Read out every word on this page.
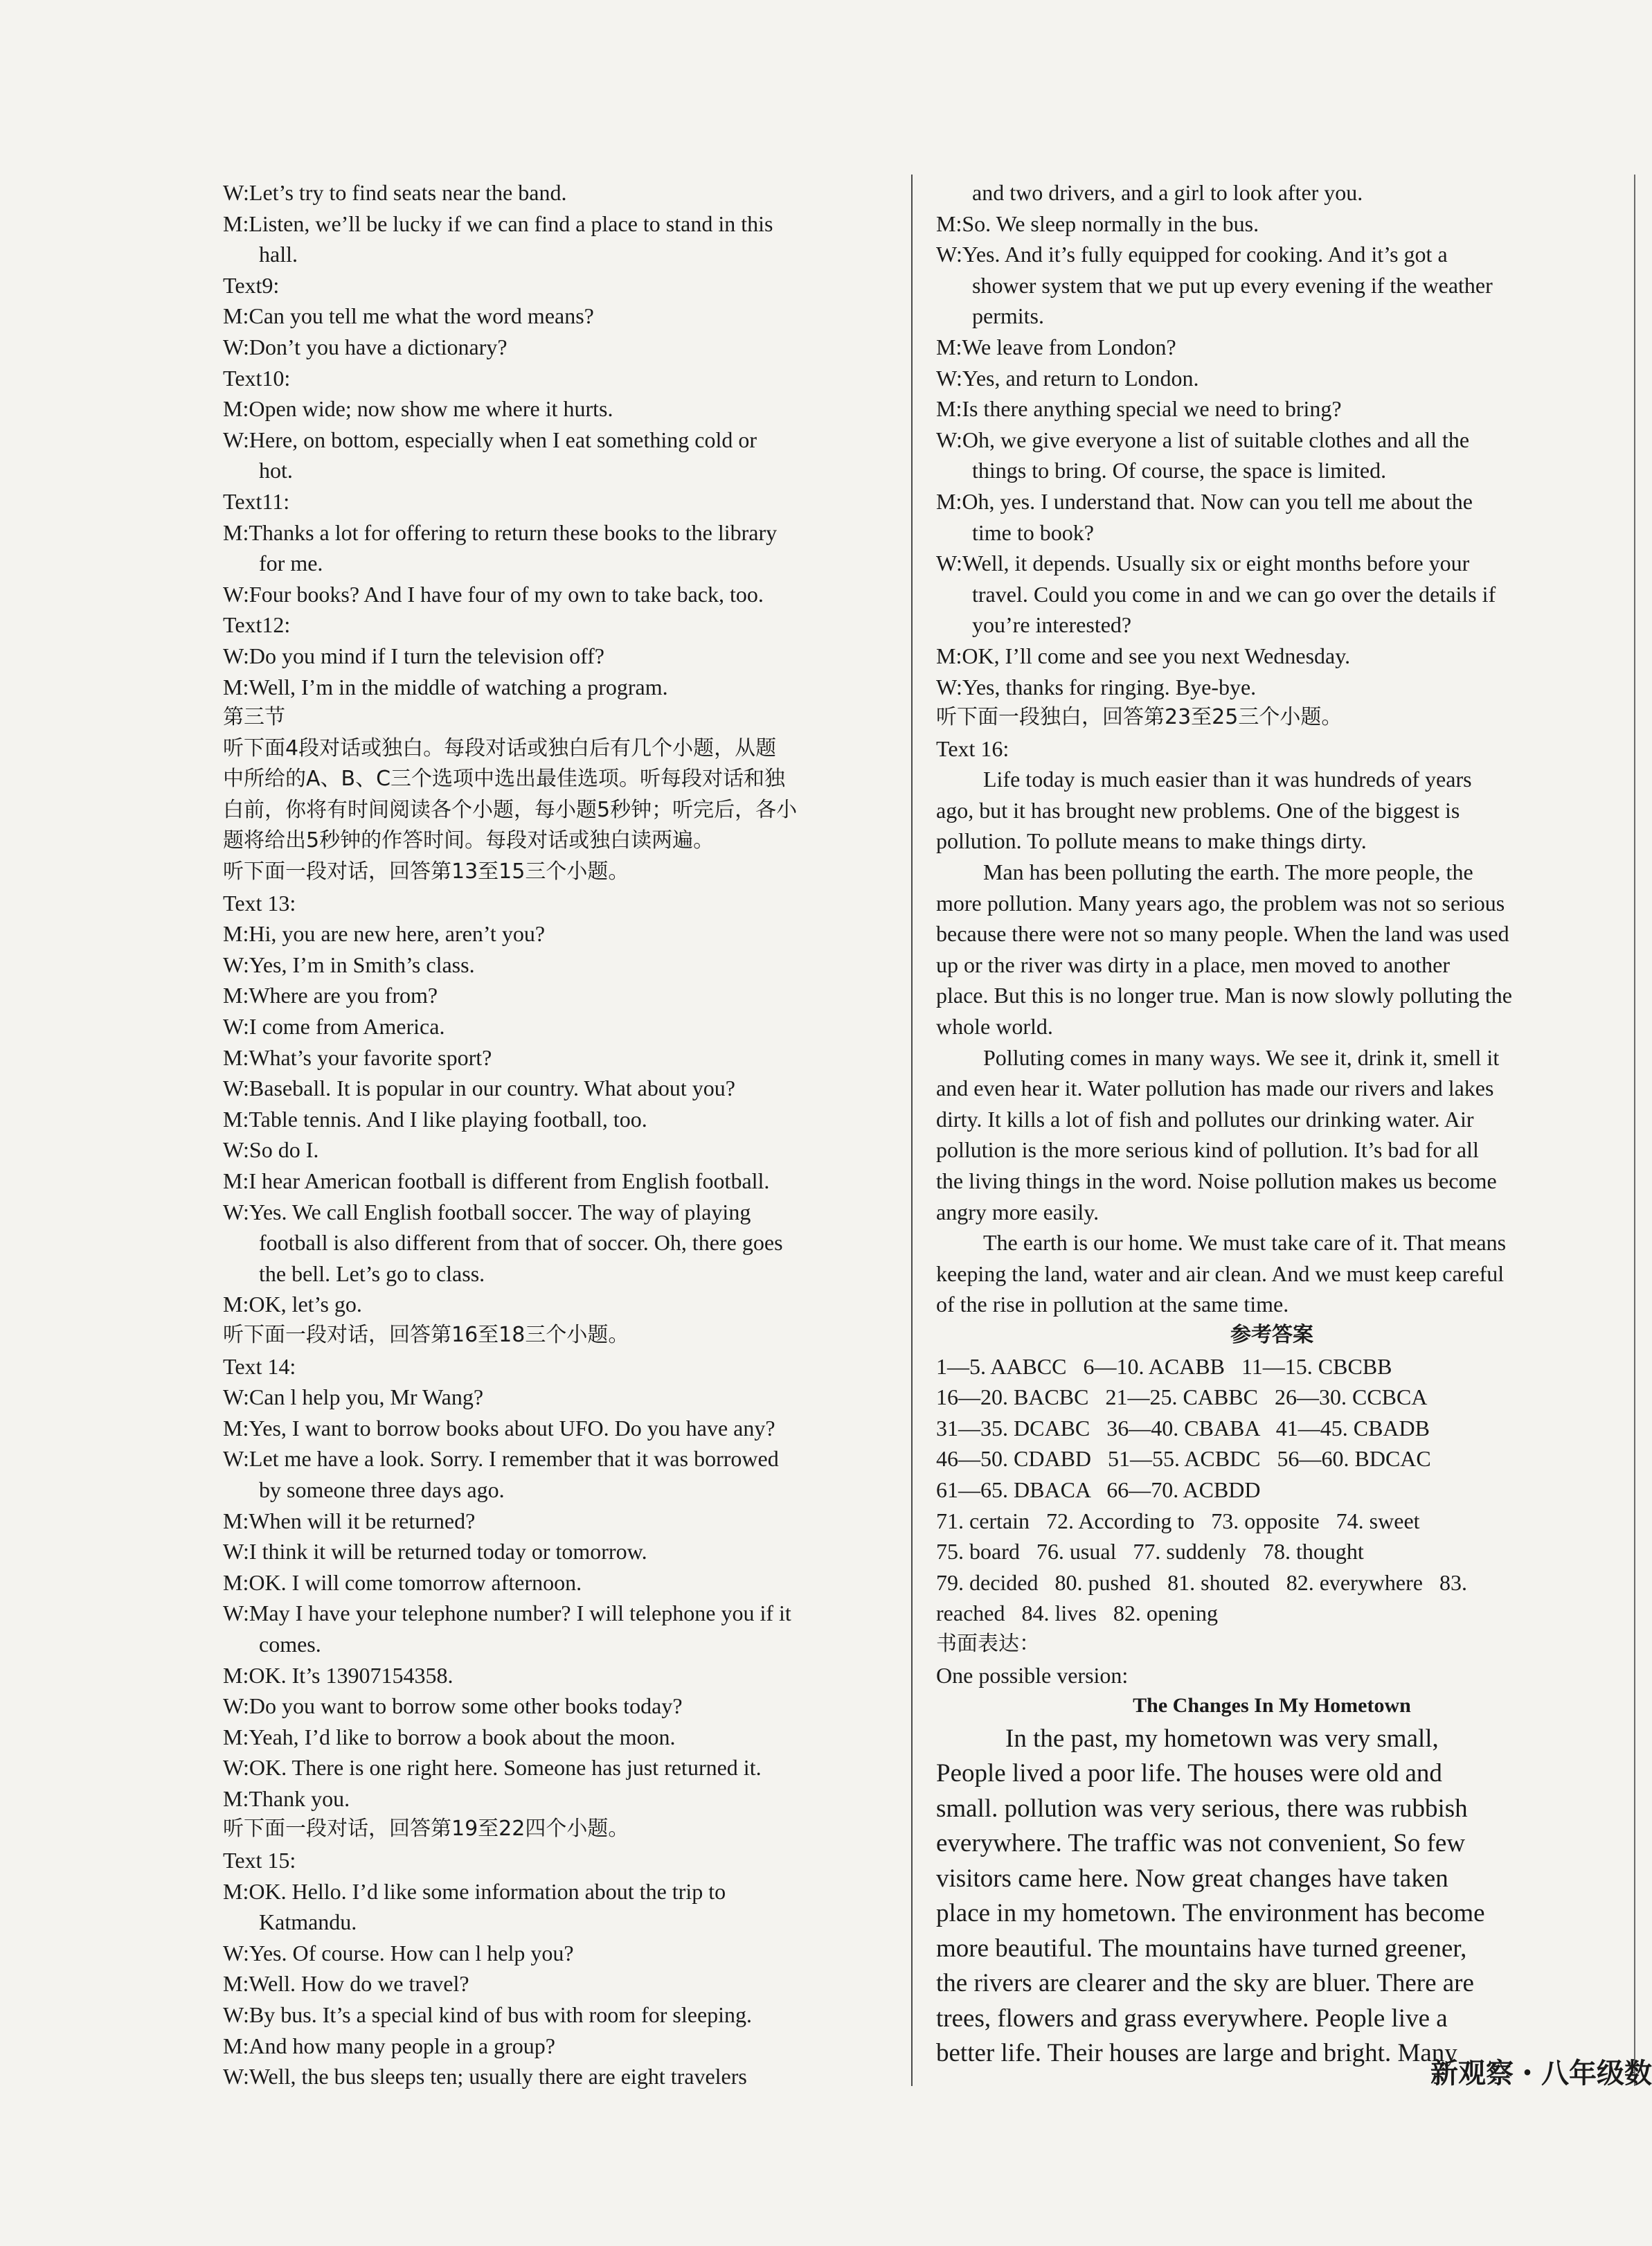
W:Let’s try to find seats near the band.
M:Listen, we’ll be lucky if we can find a place to stand in this
hall.
Text9:
M:Can you tell me what the word means?
W:Don’t you have a dictionary?
Text10:
M:Open wide; now show me where it hurts.
W:Here, on bottom, especially when I eat something cold or
hot.
Text11:
M:Thanks a lot for offering to return these books to the library
for me.
W:Four books? And I have four of my own to take back, too.
Text12:
W:Do you mind if I turn the television off?
M:Well, I’m in the middle of watching a program.
第三节
听下面4段对话或独白。每段对话或独白后有几个小题，从题
中所给的A、B、C三个选项中选出最佳选项。听每段对话和独
白前，你将有时间阅读各个小题，每小题5秒钟；听完后，各小
题将给出5秒钟的作答时间。每段对话或独白读两遍。
听下面一段对话，回答第13至15三个小题。
Text 13:
M:Hi, you are new here, aren’t you?
W:Yes, I’m in Smith’s class.
M:Where are you from?
W:I come from America.
M:What’s your favorite sport?
W:Baseball. It is popular in our country. What about you?
M:Table tennis. And I like playing football, too.
W:So do I.
M:I hear American football is different from English football.
W:Yes. We call English football soccer. The way of playing
football is also different from that of soccer. Oh, there goes
the bell. Let’s go to class.
M:OK, let’s go.
听下面一段对话，回答第16至18三个小题。
Text 14:
W:Can l help you, Mr Wang?
M:Yes, I want to borrow books about UFO. Do you have any?
W:Let me have a look. Sorry. I remember that it was borrowed
by someone three days ago.
M:When will it be returned?
W:I think it will be returned today or tomorrow.
M:OK. I will come tomorrow afternoon.
W:May I have your telephone number? I will telephone you if it
comes.
M:OK. It’s 13907154358.
W:Do you want to borrow some other books today?
M:Yeah, I’d like to borrow a book about the moon.
W:OK. There is one right here. Someone has just returned it.
M:Thank you.
听下面一段对话，回答第19至22四个小题。
Text 15:
M:OK. Hello. I’d like some information about the trip to
Katmandu.
W:Yes. Of course. How can l help you?
M:Well. How do we travel?
W:By bus. It’s a special kind of bus with room for sleeping.
M:And how many people in a group?
W:Well, the bus sleeps ten; usually there are eight travelers
and two drivers, and a girl to look after you.
M:So. We sleep normally in the bus.
W:Yes. And it’s fully equipped for cooking. And it’s got a
shower system that we put up every evening if the weather
permits.
M:We leave from London?
W:Yes, and return to London.
M:Is there anything special we need to bring?
W:Oh, we give everyone a list of suitable clothes and all the
things to bring. Of course, the space is limited.
M:Oh, yes. I understand that. Now can you tell me about the
time to book?
W:Well, it depends. Usually six or eight months before your
travel. Could you come in and we can go over the details if
you’re interested?
M:OK, I’ll come and see you next Wednesday.
W:Yes, thanks for ringing. Bye-bye.
听下面一段独白，回答第23至25三个小题。
Text 16:
Life today is much easier than it was hundreds of years
ago, but it has brought new problems. One of the biggest is
pollution. To pollute means to make things dirty.
Man has been polluting the earth. The more people, the
more pollution. Many years ago, the problem was not so serious
because there were not so many people. When the land was used
up or the river was dirty in a place, men moved to another
place. But this is no longer true. Man is now slowly polluting the
whole world.
Polluting comes in many ways. We see it, drink it, smell it
and even hear it. Water pollution has made our rivers and lakes
dirty. It kills a lot of fish and pollutes our drinking water. Air
pollution is the more serious kind of pollution. It’s bad for all
the living things in the word. Noise pollution makes us become
angry more easily.
The earth is our home. We must take care of it. That means
keeping the land, water and air clean. And we must keep careful
of the rise in pollution at the same time.
参考答案
1—5. AABCC   6—10. ACABB   11—15. CBCBB
16—20. BACBC   21—25. CABBC   26—30. CCBCA
31—35. DCABC   36—40. CBABA   41—45. CBADB
46—50. CDABD   51—55. ACBDC   56—60. BDCAC
61—65. DBACA   66—70. ACBDD
71. certain   72. According to   73. opposite   74. sweet
75. board   76. usual   77. suddenly   78. thought
79. decided   80. pushed   81. shouted   82. everywhere   83.
reached   84. lives   82. opening
书面表达：
One possible version:
The Changes In My Hometown
In the past, my hometown was very small,
People lived a poor life. The houses were old and
small. pollution was very serious, there was rubbish
everywhere. The traffic was not convenient, So few
visitors came here. Now great changes have taken
place in my hometown. The environment has become
more beautiful. The mountains have turned greener,
the rivers are clearer and the sky are bluer. There are
trees, flowers and grass everywhere. People live a
better life. Their houses are large and bright. Many
新观察・八年级数
